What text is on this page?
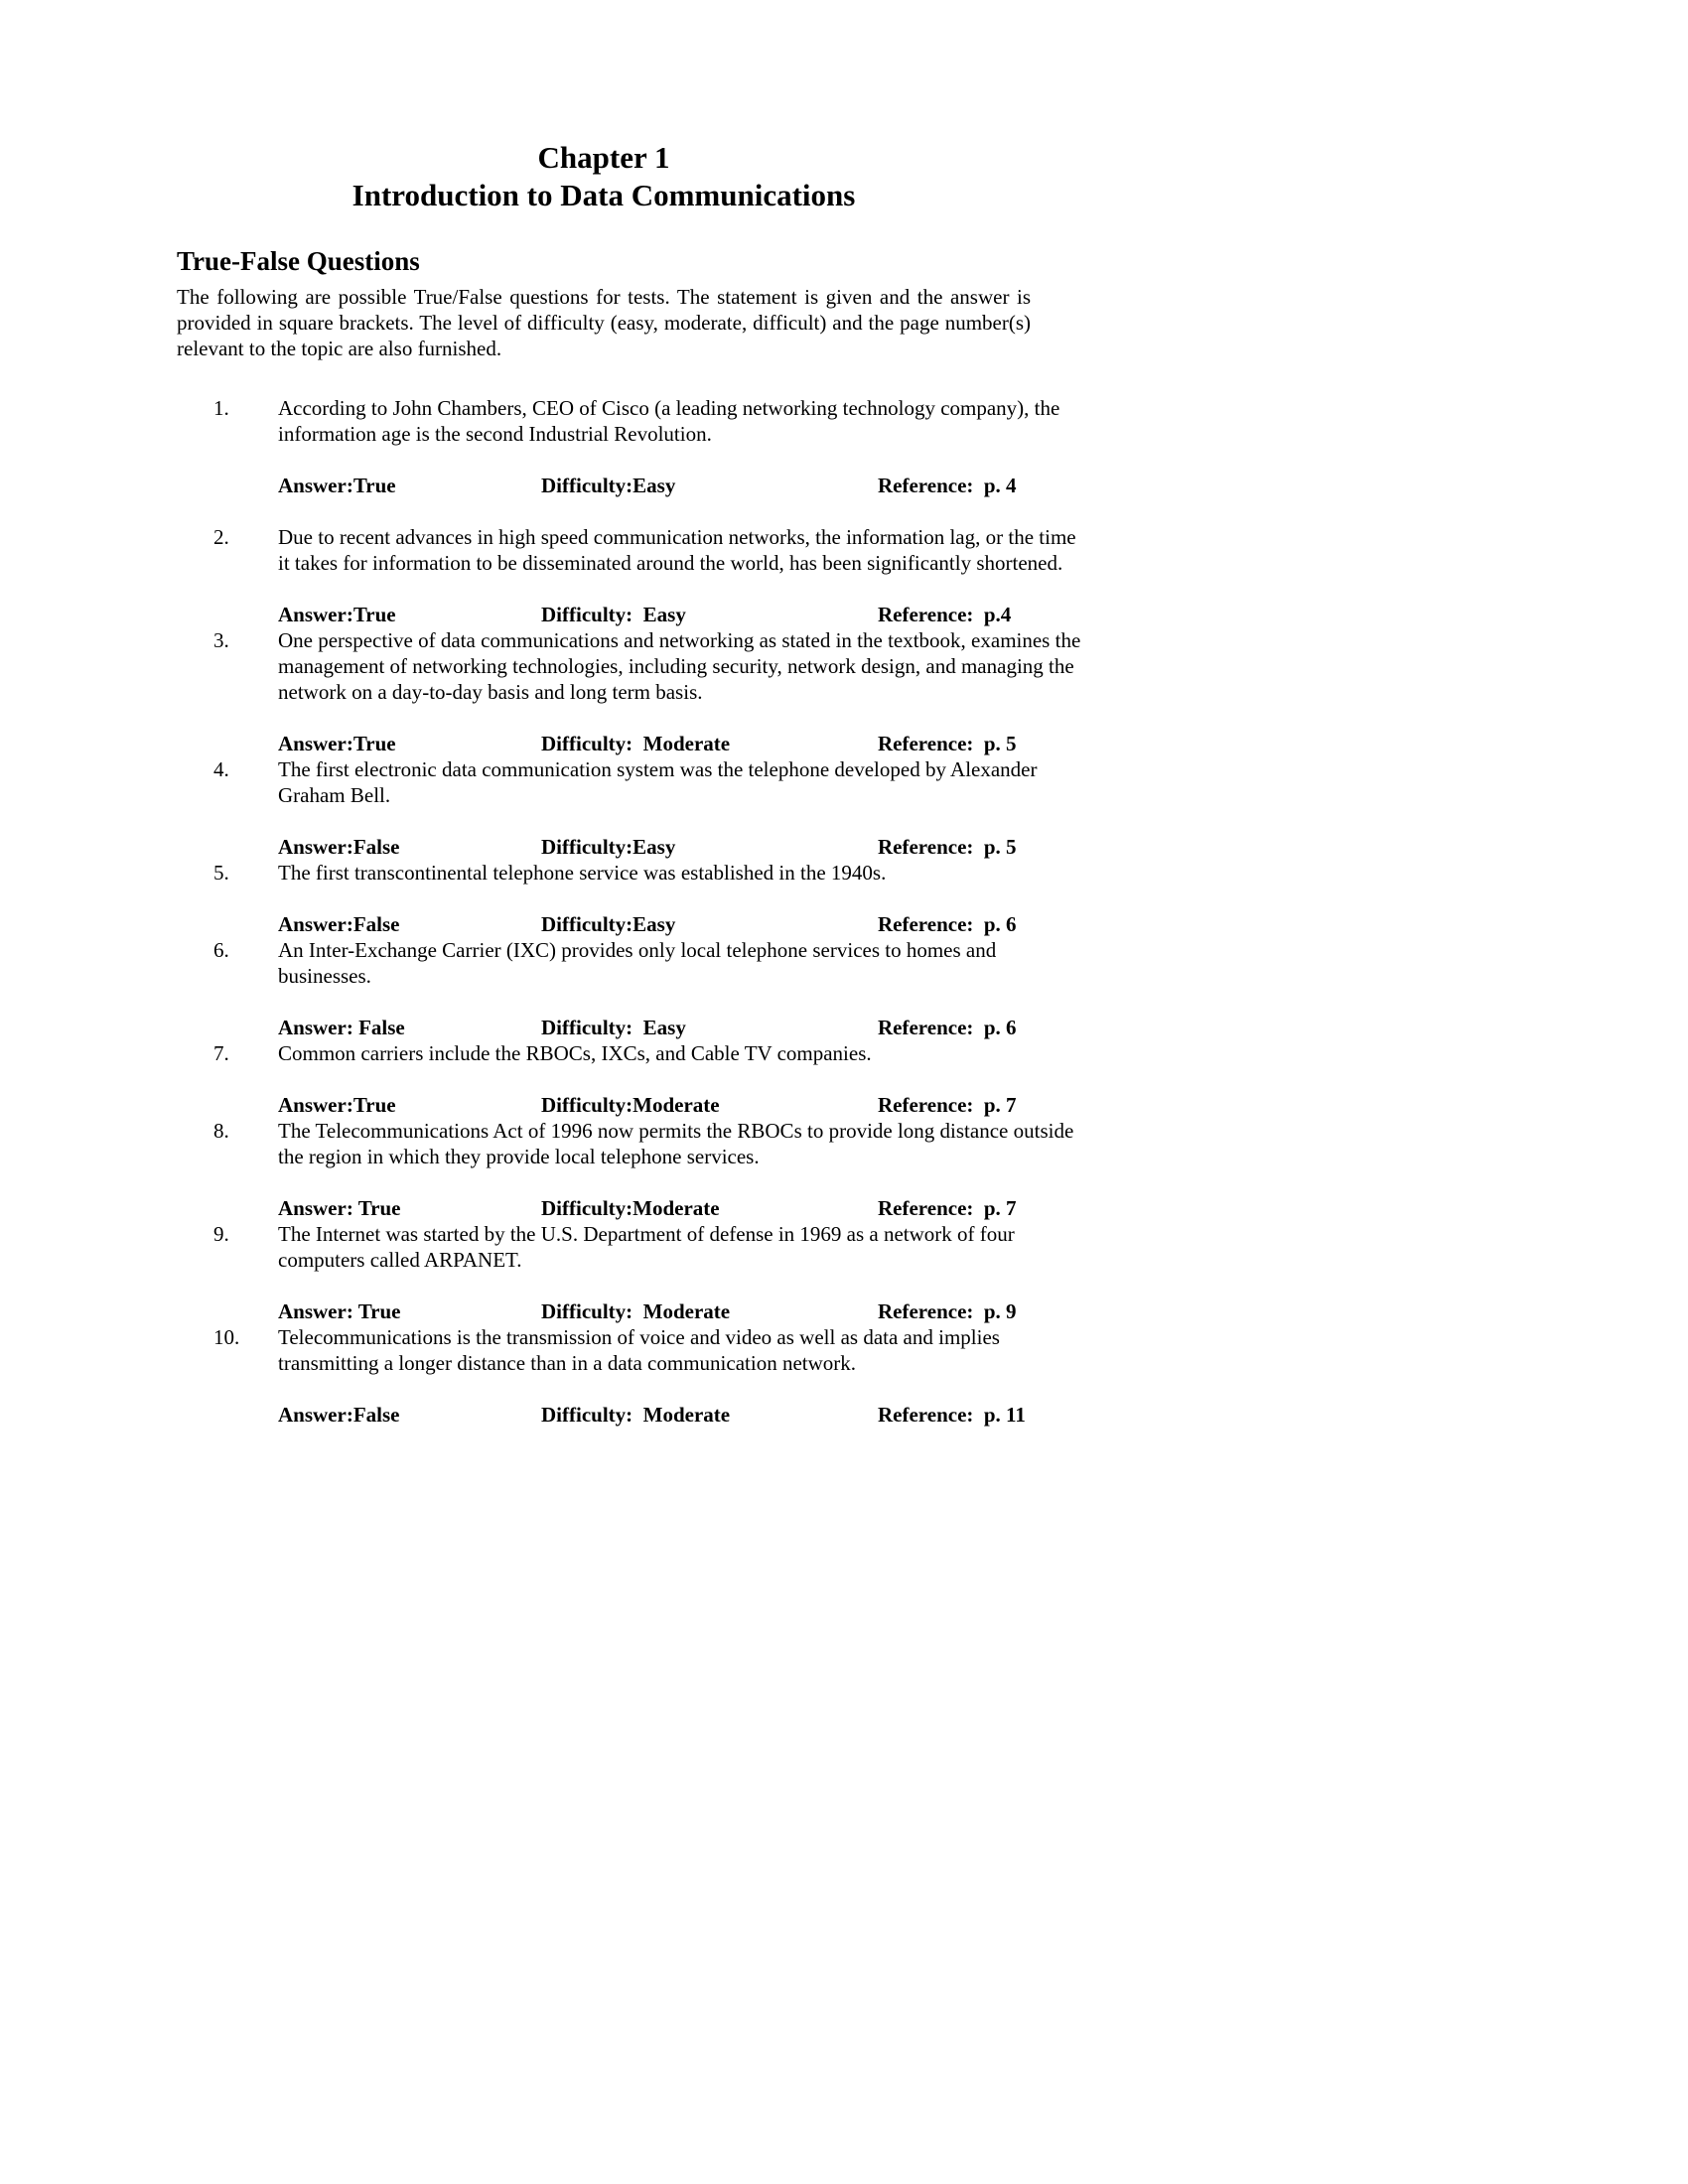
Chapter 1
Introduction to Data Communications
True-False Questions

The following are possible True/False questions for tests. The statement is given and the answer is provided in square brackets. The level of difficulty (easy, moderate, difficult) and the page number(s) relevant to the topic are also furnished.

1.	According to John Chambers, CEO of Cisco (a leading networking technology company), the information age is the second Industrial Revolution.
Answer:True	Difficulty:Easy	Reference:  p. 4
2.	Due to recent advances in high speed communication networks, the information lag, or the time it takes for information to be disseminated around the world, has been significantly shortened.
Answer:True	Difficulty:  Easy	Reference:  p.4
3.	One perspective of data communications and networking as stated in the textbook, examines the management of networking technologies, including security, network design, and managing the network on a day-to-day basis and long term basis.
Answer:True	Difficulty:  Moderate	Reference:  p. 5
4.	The first electronic data communication system was the telephone developed by Alexander Graham Bell.
Answer:False	Difficulty:Easy	Reference:  p. 5
5.	The first transcontinental telephone service was established in the 1940s.
Answer:False	Difficulty:Easy	Reference:  p. 6
6.	An Inter-Exchange Carrier (IXC) provides only local telephone services to homes and businesses.
Answer: False	Difficulty:  Easy	Reference:  p. 6
7.	Common carriers include the RBOCs, IXCs, and Cable TV companies.
Answer:True	Difficulty:Moderate	Reference:  p. 7
8.	The Telecommunications Act of 1996 now permits the RBOCs to provide long distance outside the region in which they provide local telephone services.
Answer: True	Difficulty:Moderate	Reference:  p. 7
9.	The Internet was started by the U.S. Department of defense in 1969 as a network of four computers called ARPANET.
Answer: True	Difficulty:  Moderate	Reference:  p. 9
10.	Telecommunications is the transmission of voice and video as well as data and implies transmitting a longer distance than in a data communication network.
Answer:False	Difficulty:  Moderate	Reference:  p. 11
